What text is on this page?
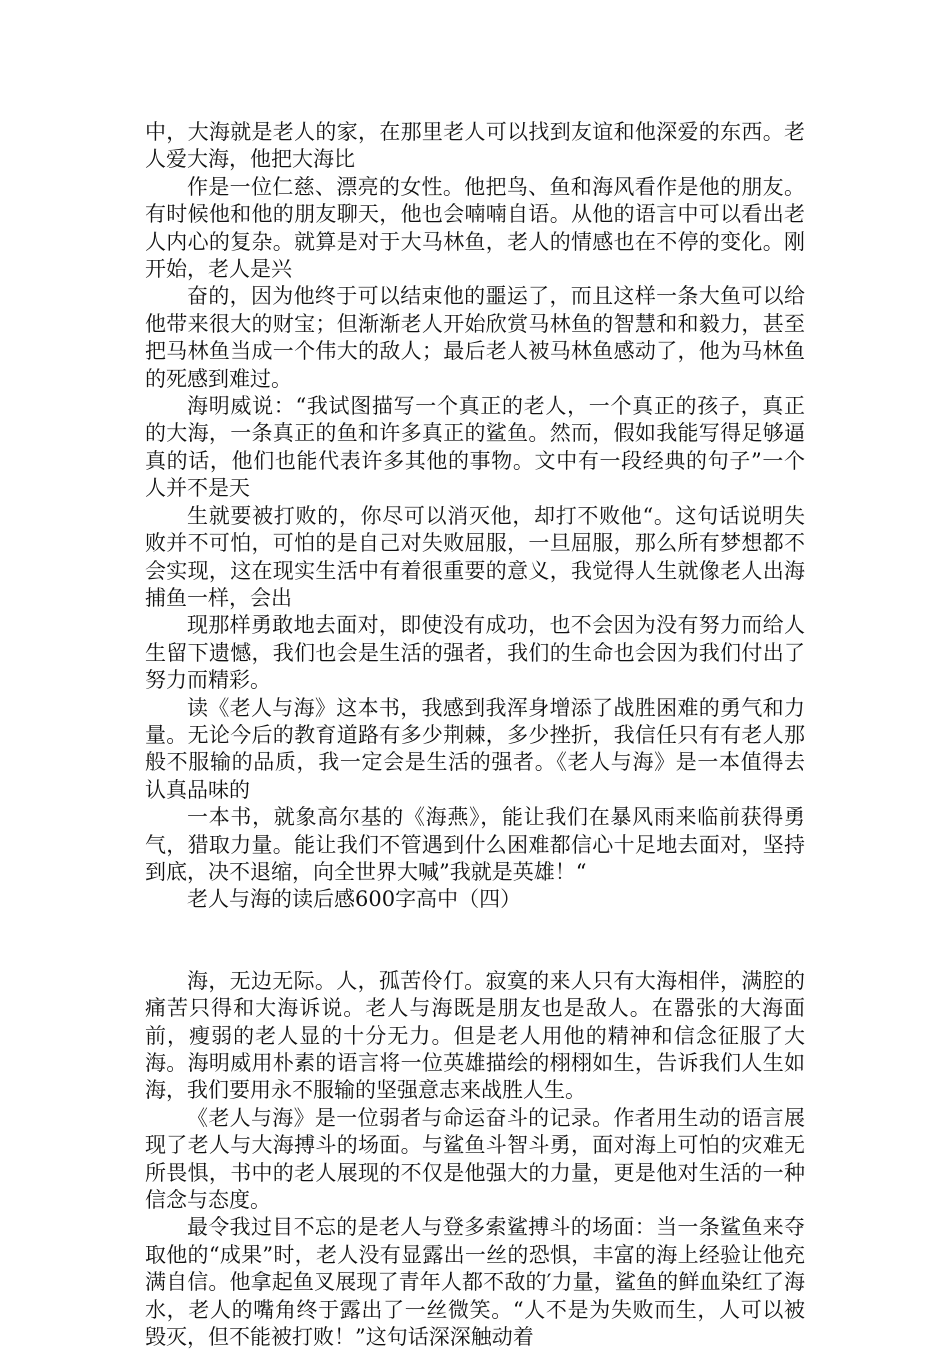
中，大海就是老人的家，在那里老人可以找到友谊和他深爱的东西。老人爱大海，他把大海比

作是一位仁慈、漂亮的女性。他把鸟、鱼和海风看作是他的朋友。有时候他和他的朋友聊天，他也会喃喃自语。从他的语言中可以看出老人内心的复杂。就算是对于大马林鱼，老人的情感也在不停的变化。刚开始，老人是兴

奋的，因为他终于可以结束他的噩运了，而且这样一条大鱼可以给他带来很大的财宝；但渐渐老人开始欣赏马林鱼的智慧和和毅力，甚至把马林鱼当成一个伟大的敌人；最后老人被马林鱼感动了，他为马林鱼的死感到难过。

海明威说：“我试图描写一个真正的老人，一个真正的孩子，真正的大海，一条真正的鱼和许多真正的鲨鱼。然而，假如我能写得足够逼真的话，他们也能代表许多其他的事物。文中有一段经典的句子”一个人并不是天

生就要被打败的，你尽可以消灭他，却打不败他“。这句话说明失败并不可怕，可怕的是自己对失败屈服，一旦屈服，那么所有梦想都不会实现，这在现实生活中有着很重要的意义，我觉得人生就像老人出海捕鱼一样，会出

现那样勇敢地去面对，即使没有成功，也不会因为没有努力而给人生留下遗憾，我们也会是生活的强者，我们的生命也会因为我们付出了努力而精彩。

读《老人与海》这本书，我感到我浑身增添了战胜困难的勇气和力量。无论今后的教育道路有多少荆棘，多少挫折，我信任只有有老人那般不服输的品质，我一定会是生活的强者。《老人与海》是一本值得去认真品味的

一本书，就象高尔基的《海燕》，能让我们在暴风雨来临前获得勇气，猎取力量。能让我们不管遇到什么困难都信心十足地去面对，坚持到底，决不退缩，向全世界大喊”我就是英雄！“

老人与海的读后感600字高中（四）

海，无边无际。人，孤苦伶仃。寂寞的来人只有大海相伴，满腔的痛苦只得和大海诉说。老人与海既是朋友也是敌人。在嚣张的大海面前，瘦弱的老人显的十分无力。但是老人用他的精神和信念征服了大海。海明威用朴素的语言将一位英雄描绘的栩栩如生，告诉我们人生如海，我们要用永不服输的坚强意志来战胜人生。

《老人与海》是一位弱者与命运奋斗的记录。作者用生动的语言展现了老人与大海搏斗的场面。与鲨鱼斗智斗勇，面对海上可怕的灾难无所畏惧，书中的老人展现的不仅是他强大的力量，更是他对生活的一种信念与态度。

最令我过目不忘的是老人与登多索鲨搏斗的场面：当一条鲨鱼来夺取他的“成果”时，老人没有显露出一丝的恐惧，丰富的海上经验让他充满自信。他拿起鱼叉展现了青年人都不敌的′力量，鲨鱼的鲜血染红了海水，老人的嘴角终于露出了一丝微笑。“人不是为失败而生，人可以被毁灭，但不能被打败！”这句话深深触动着
